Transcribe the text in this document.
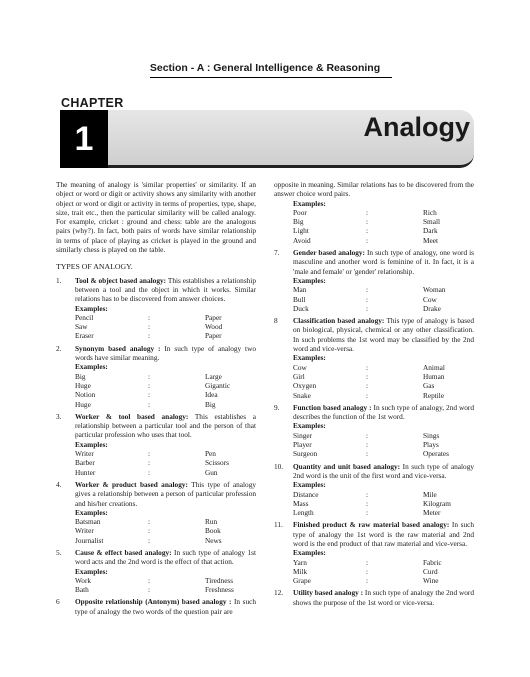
Section - A : General Intelligence & Reasoning
CHAPTER
1	Analogy

The meaning of analogy is 'similar properties' or similarity. If an object or word or digit or activity shows any similarity with another object or word or digit or activity in terms of properties, type, shape, size, trait etc., then the particular similarity will be called analogy. For example, cricket : ground and chess: table are the analogous pairs (why?). In fact, both pairs of words have similar relationship in terms of place of playing as cricket is played in the ground and similarly chess is played on the table.

TYPES OF ANALOGY.
1.	Tool & object based analogy: This establishes a relationship between a tool and the object in which it works. Similar relations has to be discovered from answer choices.
Examples:
Pencil	:	Paper
Saw	:	Wood
Eraser	:	Paper
2.	Synonym based analogy : In such type of analogy two words have similar meaning.
Examples:
Big	:	Large
Huge	:	Gigantic
Notion	:	Idea
Huge	:	Big
3.	Worker & tool based analogy: This establishes a relationship between a particular tool and the person of that particular profession who uses that tool.
Examples:
Writer	:	Pen
Barber	:	Scissors
Hunter	:	Gun
4.	Worker & product based analogy: This type of analogy gives a relationship between a person of particular profession and his/her creations.
Examples:
Batsman	:	Run
Writer	:	Book
Journalist	:	News
5.	Cause & effect based analogy: In such type of analogy 1st word acts and the 2nd word is the effect of that action.
Examples:
Work	:	Tiredness
Bath	:	Freshness
6	Opposite relationship (Antonym) based analogy : In such type of analogy the two words of the question pair are

opposite in meaning. Similar relations has to be discovered from the answer choice word pairs.

Examples:
Poor	:	Rich
Big	:	Small
Light	:	Dark
Avoid	:	Meet
7.	Gender based analogy: In such type of analogy, one word is masculine and another word is feminine of it. In fact, it is a 'male and female' or 'gender' relationship.
Examples:
Man	:	Woman
Bull	:	Cow
Duck	:	Drake
8	Classification based analogy: This type of analogy is based on biological, physical, chemical or any other classification. In such problems the 1st word may be classified by the 2nd word and vice-versa.
Examples:
Cow	:	Animal
Girl	:	Human
Oxygen	:	Gas
Snake	:	Reptile
9.	Function based analogy : In such type of analogy, 2nd word describes the function of the 1st word.
Examples:
Singer	:	Sings
Player	:	Plays
Surgeon	:	Operates
10.	Quantity and unit based analogy: In such type of analogy 2nd word is the unit of the first word and vice-versa.
Examples:
Distance	:	Mile
Mass	:	Kilogram
Length	:	Meter
11.	Finished product & raw material based analogy: In such type of analogy the 1st word is the raw material and 2nd word is the end product of that raw material and vice-versa.
Examples:
Yarn	:	Fabric
Milk	:	Curd
Grape	:	Wine
12.	Utility based analogy : In such type of analogy the 2nd word shows the purpose of the 1st word or vice-versa.
